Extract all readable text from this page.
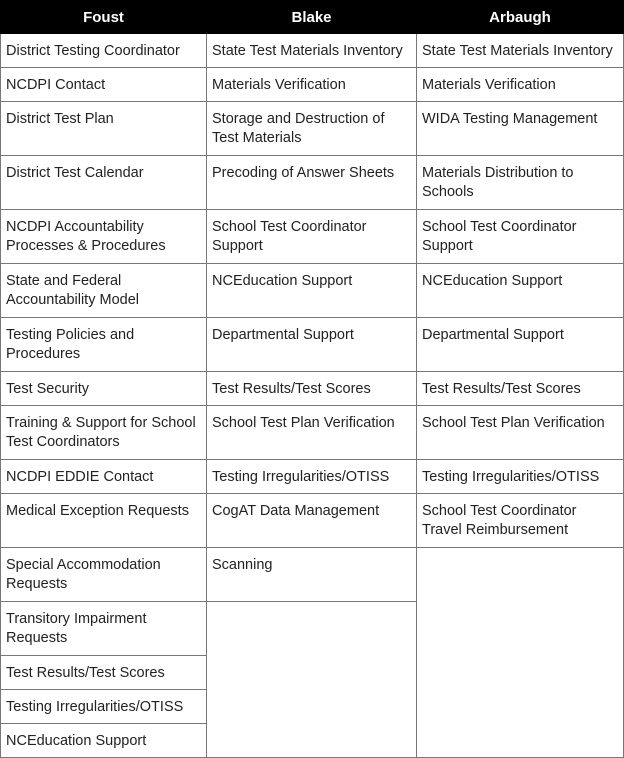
Foust	Blake	Arbaugh
District Testing Coordinator	State Test Materials Inventory	State Test Materials Inventory
NCDPI Contact	Materials Verification	Materials Verification
District Test Plan	Storage and Destruction of Test Materials	WIDA Testing Management
District Test Calendar	Precoding of Answer Sheets	Materials Distribution to Schools
NCDPI Accountability Processes & Procedures	School Test Coordinator Support	School Test Coordinator Support
State and Federal Accountability Model	NCEducation Support	NCEducation Support
Testing Policies and Procedures	Departmental Support	Departmental Support
Test Security	Test Results/Test Scores	Test Results/Test Scores
Training & Support for School Test Coordinators	School Test Plan Verification	School Test Plan Verification
NCDPI EDDIE Contact	Testing Irregularities/OTISS	Testing Irregularities/OTISS
Medical Exception Requests	CogAT Data Management	School Test Coordinator Travel Reimbursement
Special Accommodation Requests	Scanning	
Transitory Impairment Requests		
Test Results/Test Scores		
Testing Irregularities/OTISS		
NCEducation Support		
